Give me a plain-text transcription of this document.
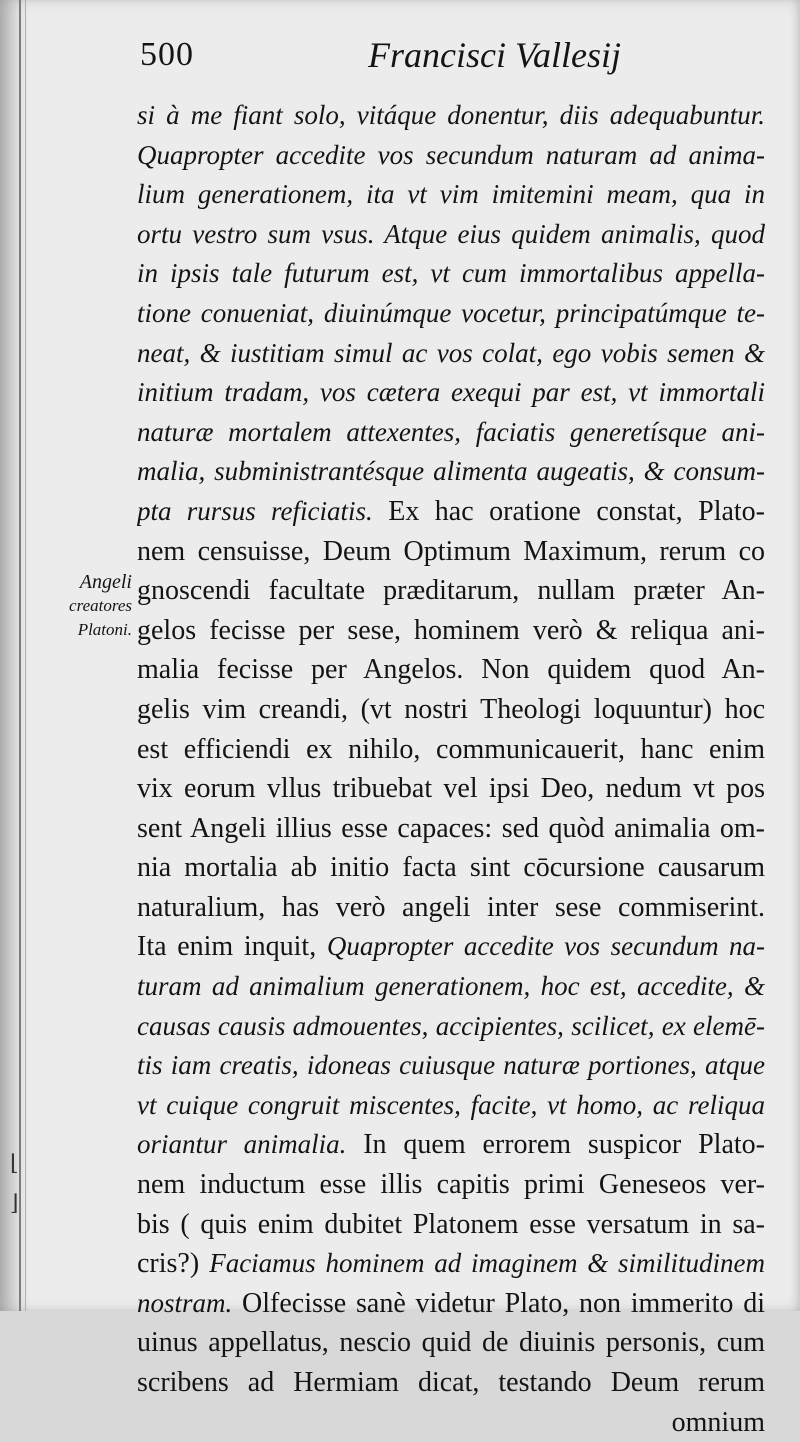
500	Francisci Vallesij
Angeli
creatores
Platoni.
⌊
⌋
si à me fiant solo, vitáque donentur, diis adequabuntur.
Quapropter accedite vos secundum naturam ad anima-
lium generationem, ita vt vim imitemini meam, qua in
ortu vestro sum vsus. Atque eius quidem animalis, quod
in ipsis tale futurum est, vt cum immortalibus appella-
tione conueniat, diuinúmque vocetur, principatúmque te-
neat, & iustitiam simul ac vos colat, ego vobis semen &
initium tradam, vos cætera exequi par est, vt immortali
naturæ mortalem attexentes, faciatis generetísque ani-
malia, subministrantésque alimenta augeatis, & consum-
pta rursus reficiatis. Ex hac oratione constat, Plato-
nem censuisse, Deum Optimum Maximum, rerum co
gnoscendi facultate præditarum, nullam præter An-
gelos fecisse per sese, hominem verò & reliqua ani-
malia fecisse per Angelos. Non quidem quod An-
gelis vim creandi, (vt nostri Theologi loquuntur) hoc
est efficiendi ex nihilo, communicauerit, hanc enim
vix eorum vllus tribuebat vel ipsi Deo, nedum vt pos
sent Angeli illius esse capaces: sed quòd animalia om-
nia mortalia ab initio facta sint cōcursione causarum
naturalium, has verò angeli inter sese commiserint.
Ita enim inquit, Quapropter accedite vos secundum na-
turam ad animalium generationem, hoc est, accedite, &
causas causis admouentes, accipientes, scilicet, ex elemē-
tis iam creatis, idoneas cuiusque naturæ portiones, atque
vt cuique congruit miscentes, facite, vt homo, ac reliqua
oriantur animalia. In quem errorem suspicor Plato-
nem inductum esse illis capitis primi Geneseos ver-
bis ( quis enim dubitet Platonem esse versatum in sa-
cris?) Faciamus hominem ad imaginem & similitudinem
nostram. Olfecisse sanè videtur Plato, non immerito di
uinus appellatus, nescio quid de diuinis personis, cum
scribens ad Hermiam dicat, testando Deum rerum
omnium
